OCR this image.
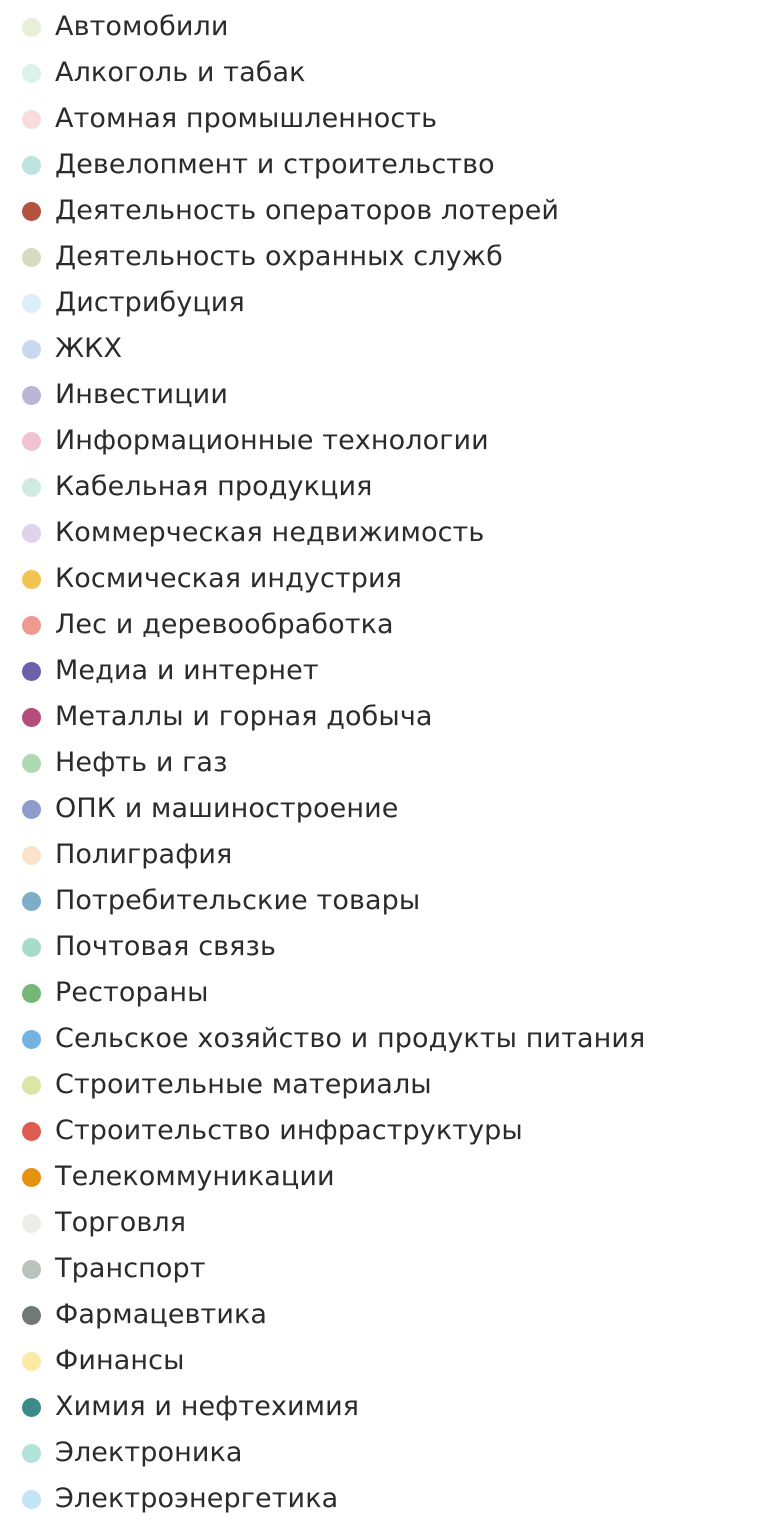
Автомобили
Алкоголь и табак
Атомная промышленность
Девелопмент и строительство
Деятельность операторов лотерей
Деятельность охранных служб
Дистрибуция
ЖКХ
Инвестиции
Информационные технологии
Кабельная продукция
Коммерческая недвижимость
Космическая индустрия
Лес и деревообработка
Медиа и интернет
Металлы и горная добыча
Нефть и газ
ОПК и машиностроение
Полиграфия
Потребительские товары
Почтовая связь
Рестораны
Сельское хозяйство и продукты питания
Строительные материалы
Строительство инфраструктуры
Телекоммуникации
Торговля
Транспорт
Фармацевтика
Финансы
Химия и нефтехимия
Электроника
Электроэнергетика
